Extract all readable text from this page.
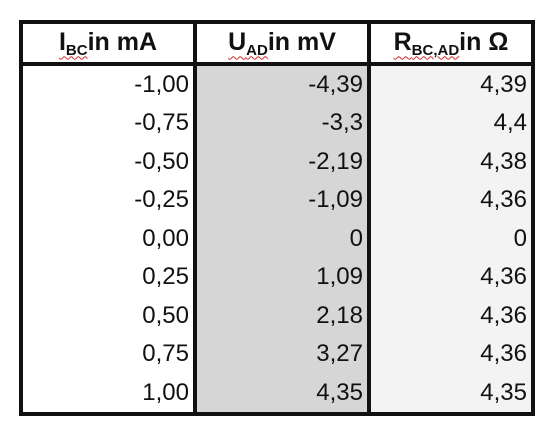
$I_{BC}$ in mA
-1,00
-0,75
-0,50
-0,25
0,00
0,25
0,50
0,75
1,00
$U_{AD}$ in mV
-4,39
-3,3
-2,19
-1,09
0
1,09
2,18
3,27
4,35
$R_{BC,AD}$ in Ω
4,39
4,4
4,38
4,36
0
4,36
4,36
4,36
4,35
